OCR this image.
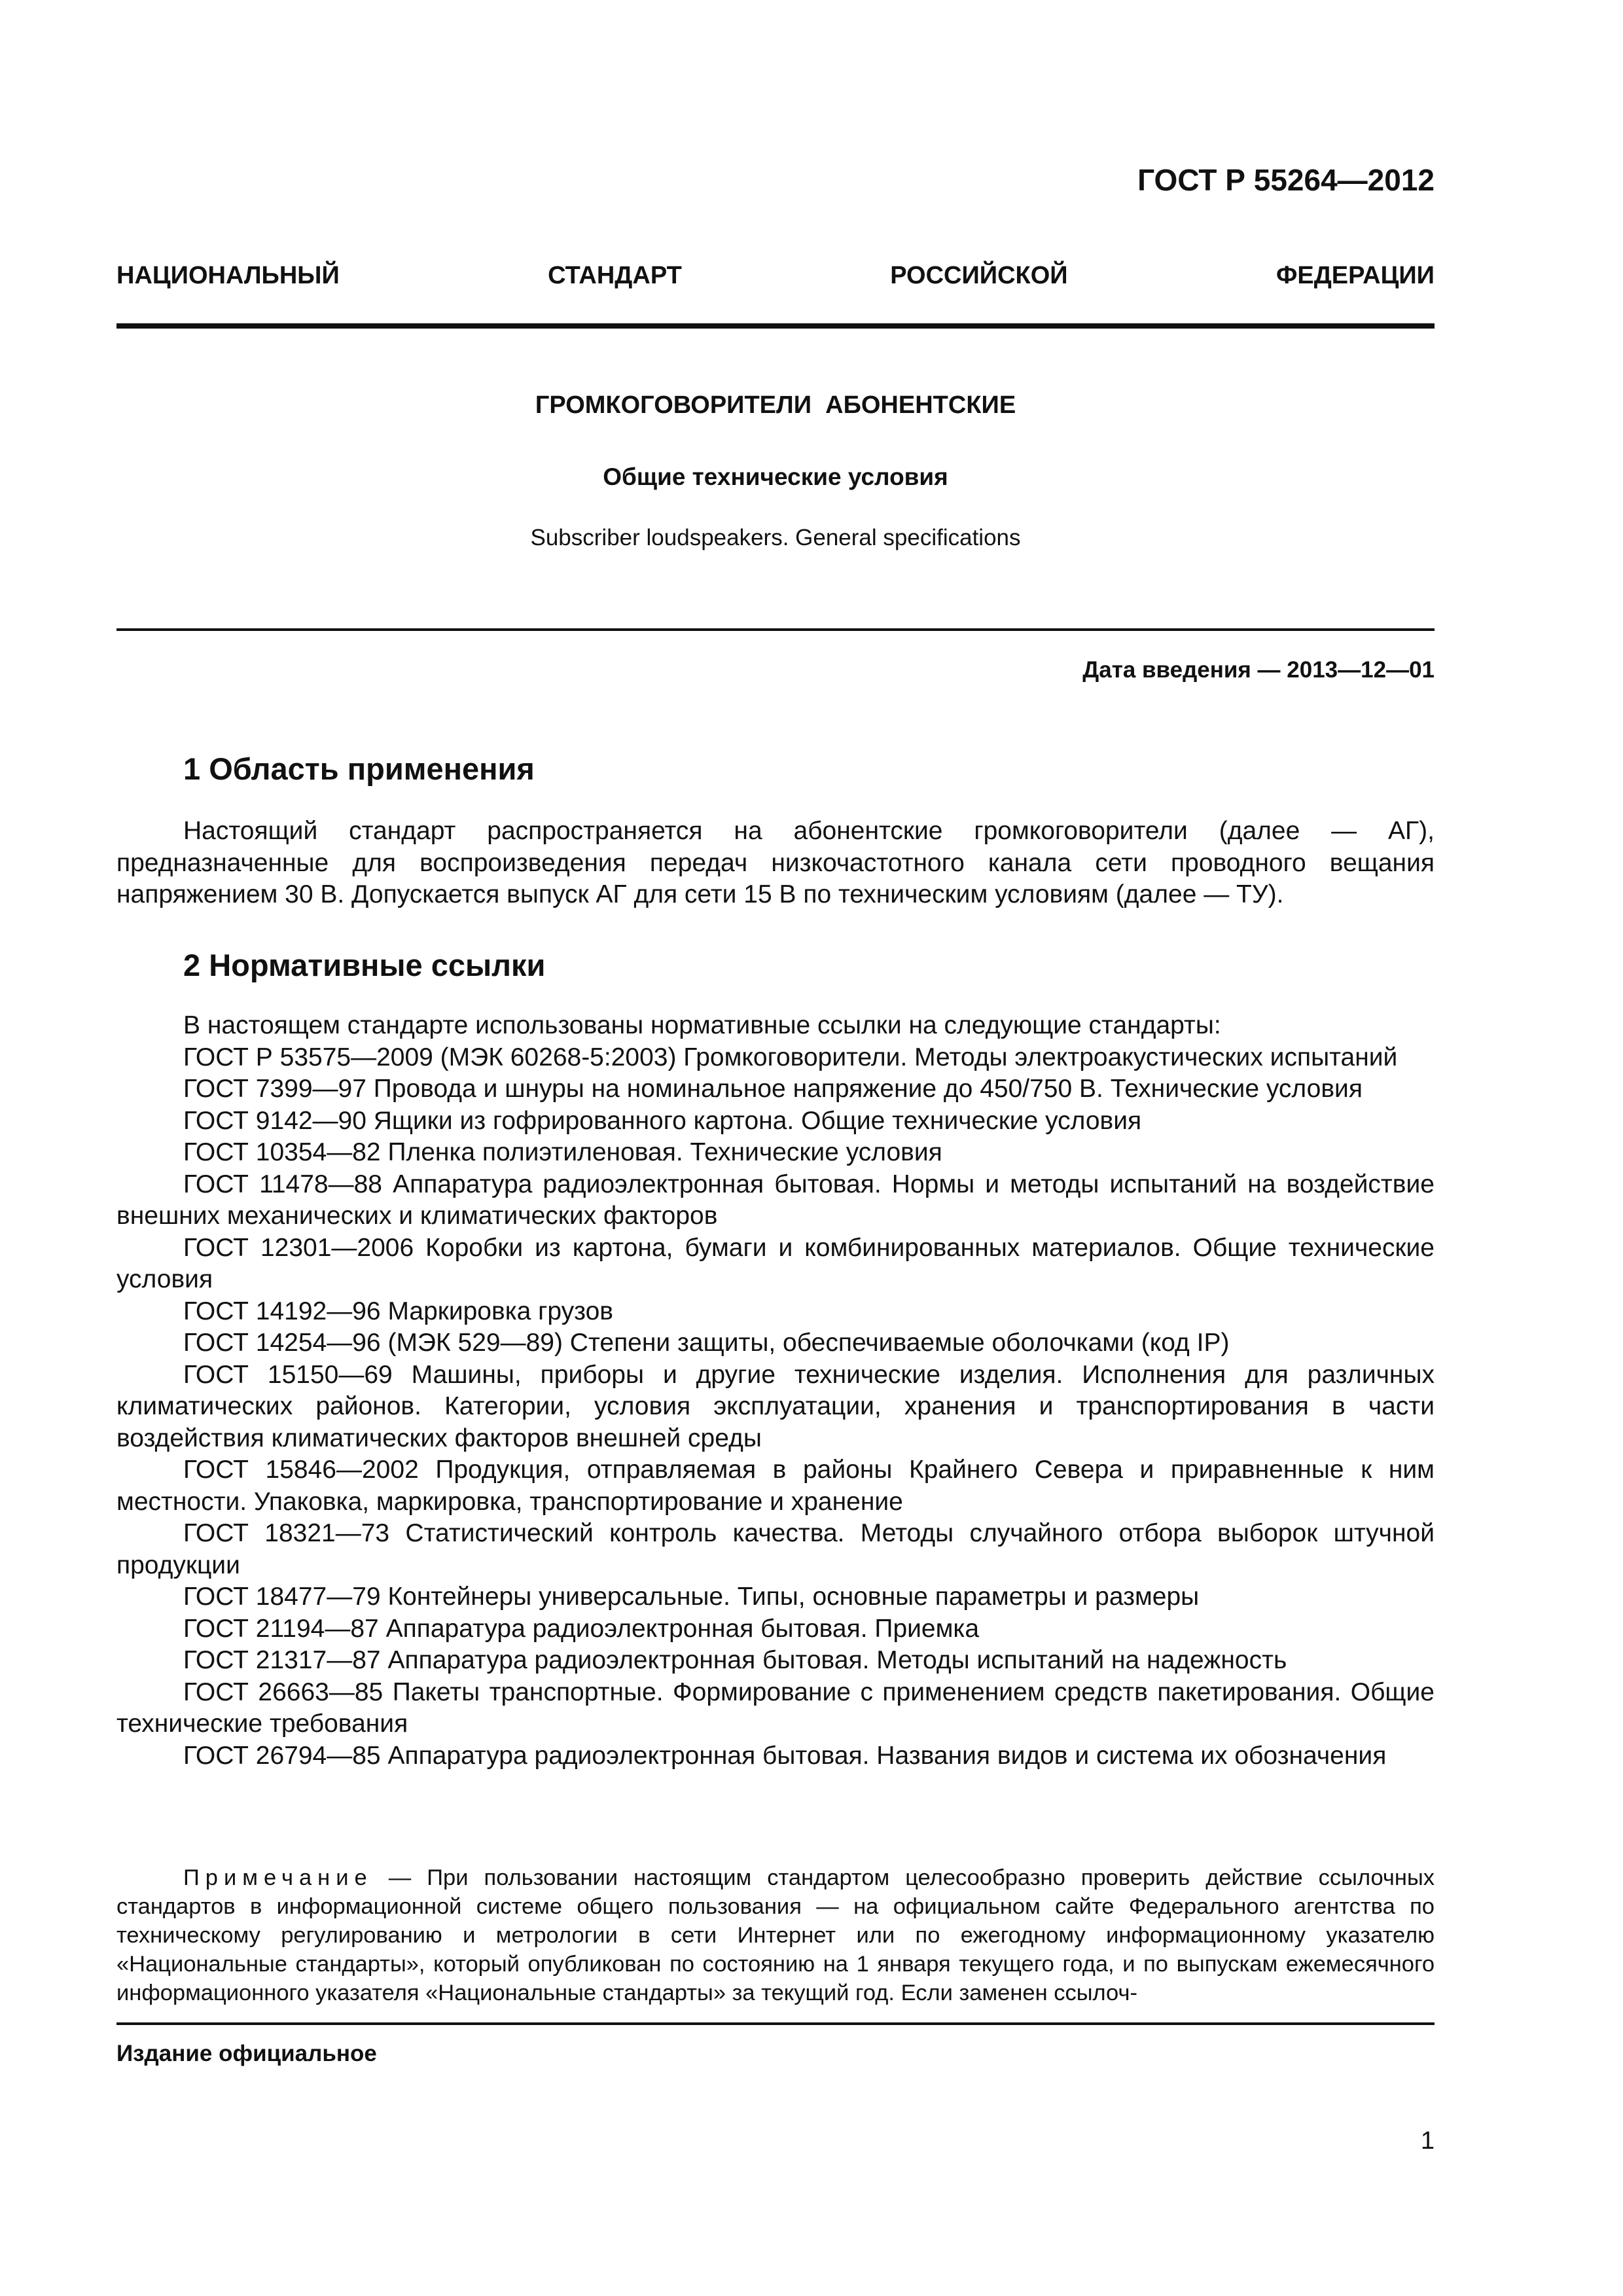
ГОСТ Р 55264—2012
НАЦИОНАЛЬНЫЙ	СТАНДАРТ	РОССИЙСКОЙ	ФЕДЕРАЦИИ
ГРОМКОГОВОРИТЕЛИ  АБОНЕНТСКИЕ
Общие технические условия
Subscriber loudspeakers. General specifications
Дата введения — 2013—12—01
1 Область применения

Настоящий стандарт распространяется на абонентские громкоговорители (далее — АГ), предназначенные для воспроизведения передач низкочастотного канала сети проводного вещания напряжением 30 В. Допускается выпуск АГ для сети 15 В по техническим условиям (далее — ТУ).

2 Нормативные ссылки

В настоящем стандарте использованы нормативные ссылки на следующие стандарты:

ГОСТ Р 53575—2009 (МЭК 60268-5:2003) Громкоговорители. Методы электроакустических испытаний

ГОСТ 7399—97 Провода и шнуры на номинальное напряжение до 450/750 В. Технические условия

ГОСТ 9142—90 Ящики из гофрированного картона. Общие технические условия

ГОСТ 10354—82 Пленка полиэтиленовая. Технические условия

ГОСТ 11478—88 Аппаратура радиоэлектронная бытовая. Нормы и методы испытаний на воздействие внешних механических и климатических факторов

ГОСТ 12301—2006 Коробки из картона, бумаги и комбинированных материалов. Общие технические условия

ГОСТ 14192—96 Маркировка грузов

ГОСТ 14254—96 (МЭК 529—89) Степени защиты, обеспечиваемые оболочками (код IP)

ГОСТ 15150—69 Машины, приборы и другие технические изделия. Исполнения для различных климатических районов. Категории, условия эксплуатации, хранения и транспортирования в части воздействия климатических факторов внешней среды

ГОСТ 15846—2002 Продукция, отправляемая в районы Крайнего Севера и приравненные к ним местности. Упаковка, маркировка, транспортирование и хранение

ГОСТ 18321—73 Статистический контроль качества. Методы случайного отбора выборок штучной продукции

ГОСТ 18477—79 Контейнеры универсальные. Типы, основные параметры и размеры

ГОСТ 21194—87 Аппаратура радиоэлектронная бытовая. Приемка

ГОСТ 21317—87 Аппаратура радиоэлектронная бытовая. Методы испытаний на надежность

ГОСТ 26663—85 Пакеты транспортные. Формирование с применением средств пакетирования. Общие технические требования

ГОСТ 26794—85 Аппаратура радиоэлектронная бытовая. Названия видов и система их обозначения

Примечание — При пользовании настоящим стандартом целесообразно проверить действие ссылочных стандартов в информационной системе общего пользования — на официальном сайте Федерального агентства по техническому регулированию и метрологии в сети Интернет или по ежегодному информационному указателю «Национальные стандарты», который опубликован по состоянию на 1 января текущего года, и по выпускам ежемесячного информационного указателя «Национальные стандарты» за текущий год. Если заменен ссылоч-
Издание официальное
1
